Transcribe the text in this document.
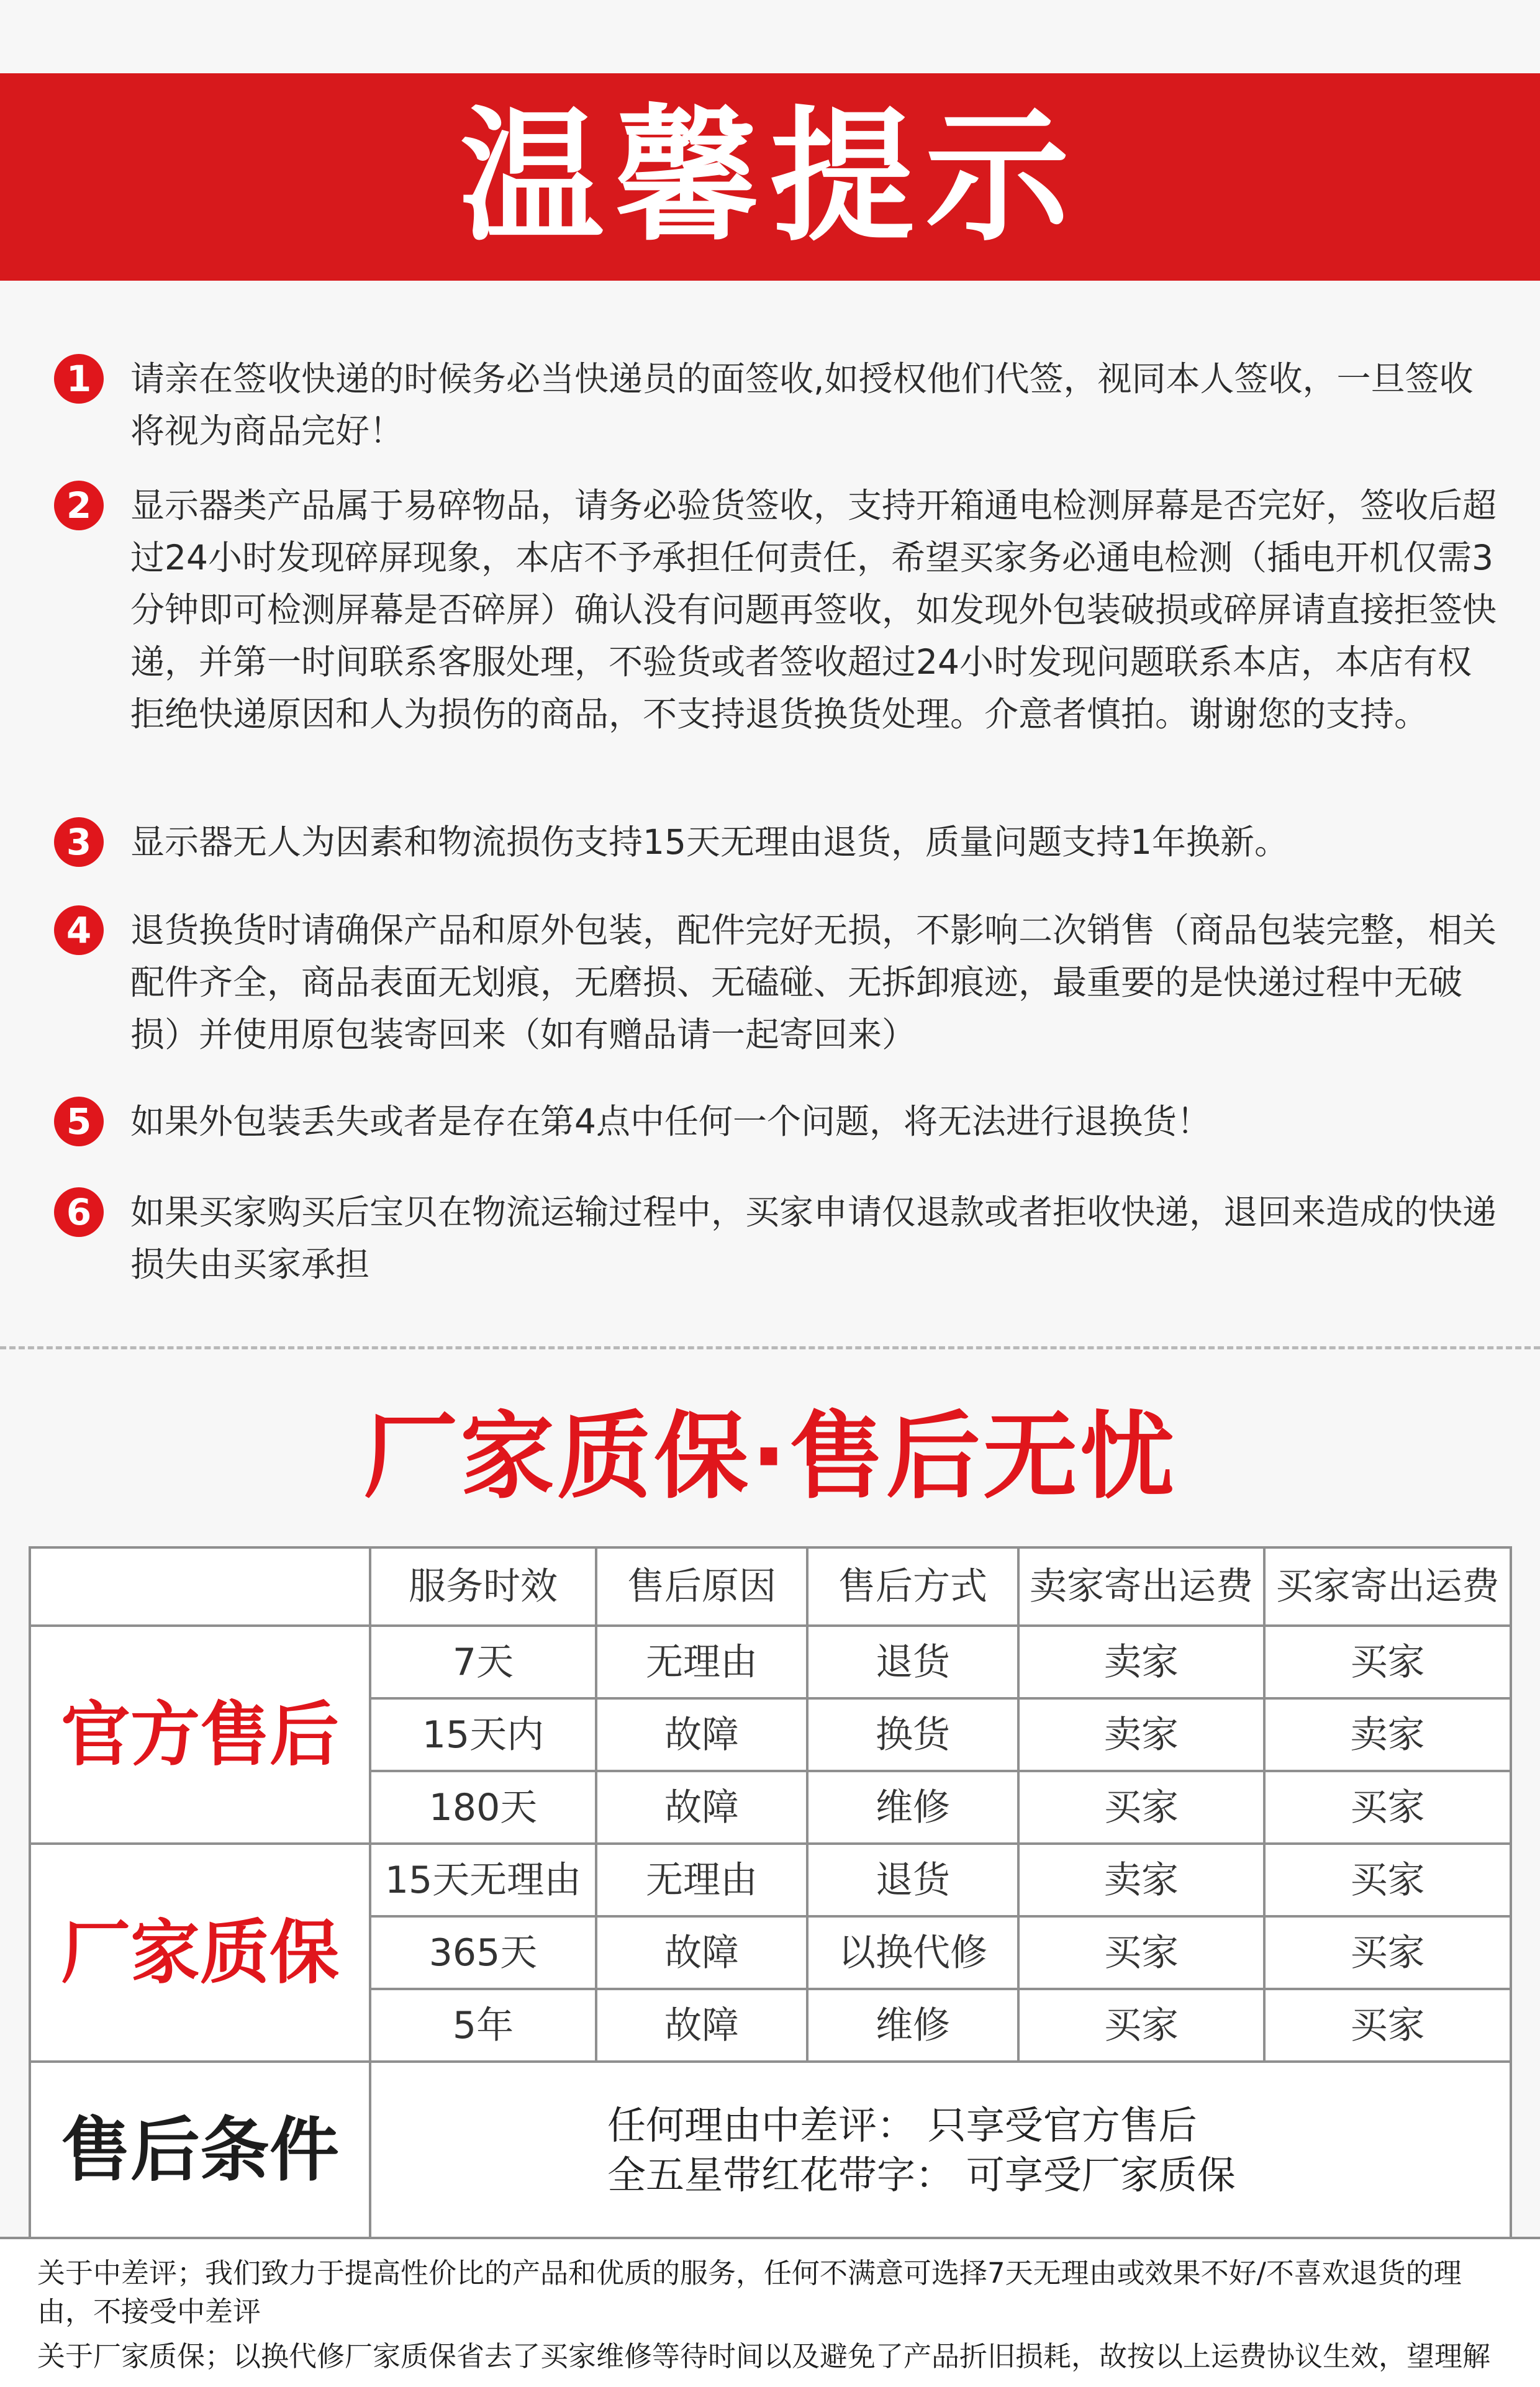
温馨提示
1	请亲在签收快递的时候务必当快递员的面签收,如授权他们代签，视同本人签收，一旦签收将视为商品完好！
2	显示器类产品属于易碎物品，请务必验货签收，支持开箱通电检测屏幕是否完好，签收后超过24小时发现碎屏现象，本店不予承担任何责任，希望买家务必通电检测（插电开机仅需3分钟即可检测屏幕是否碎屏）确认没有问题再签收，如发现外包装破损或碎屏请直接拒签快递，并第一时间联系客服处理，不验货或者签收超过24小时发现问题联系本店，本店有权拒绝快递原因和人为损伤的商品，不支持退货换货处理。介意者慎拍。谢谢您的支持。
3	显示器无人为因素和物流损伤支持15天无理由退货，质量问题支持1年换新。
4	退货换货时请确保产品和原外包装，配件完好无损，不影响二次销售（商品包装完整，相关配件齐全，商品表面无划痕，无磨损、无磕碰、无拆卸痕迹，最重要的是快递过程中无破损）并使用原包装寄回来（如有赠品请一起寄回来）
5	如果外包装丢失或者是存在第4点中任何一个问题，将无法进行退换货！
6	如果买家购买后宝贝在物流运输过程中，买家申请仅退款或者拒收快递，退回来造成的快递损失由买家承担
厂家质保·售后无忧
	服务时效	售后原因	售后方式	卖家寄出运费	买家寄出运费
官方售后	7天	无理由	退货	卖家	买家
	15天内	故障	换货	卖家	卖家
	180天	故障	维修	买家	买家
厂家质保	15天无理由	无理由	退货	卖家	买家
	365天	故障	以换代修	买家	买家
	5年	故障	维修	买家	买家
售后条件	任何理由中差评： 只享受官方售后
全五星带红花带字： 可享受厂家质保				
关于中差评；我们致力于提高性价比的产品和优质的服务，任何不满意可选择7天无理由或效果不好/不喜欢退货的理由，不接受中差评
关于厂家质保；以换代修厂家质保省去了买家维修等待时间以及避免了产品折旧损耗，故按以上运费协议生效，望理解
